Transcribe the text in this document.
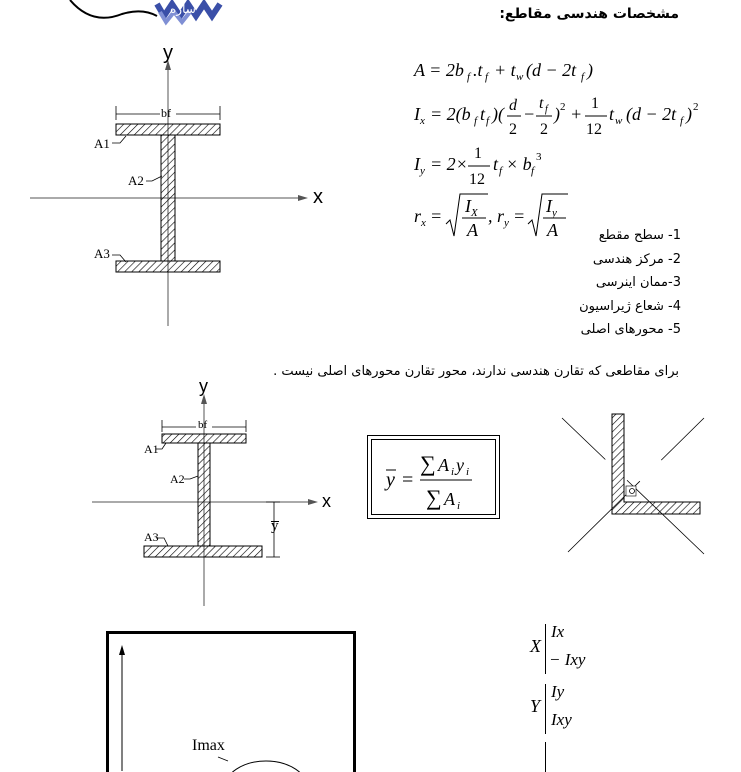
سازه	مشخصات هندسی مقاطع:
y
x
bf
A1
A2
A3
A = 2b f .t f + t w (d − 2t f )
I x = 2(b f t f )( d
2
−
t f
2
) 2 +
1
12
t w (d − 2t f ) 2
I y = 2×
1
12
t f × b f
3
r x = I X
A
, r y = I y
A	1- سطح مقطع
2- مرکز هندسی
3-ممان اینرسی
4- شعاع ژیراسیون
5- محورهای اصلی
برای مقاطعی که تقارن هندسی ندارند، محور تقارن محورهای اصلی نیست .
y
x
bf
A1
A2
A3
y
y =
∑ A i y i
∑ A i
Imax
X
Ix
− Ixy
Y
Iy
Ixy
